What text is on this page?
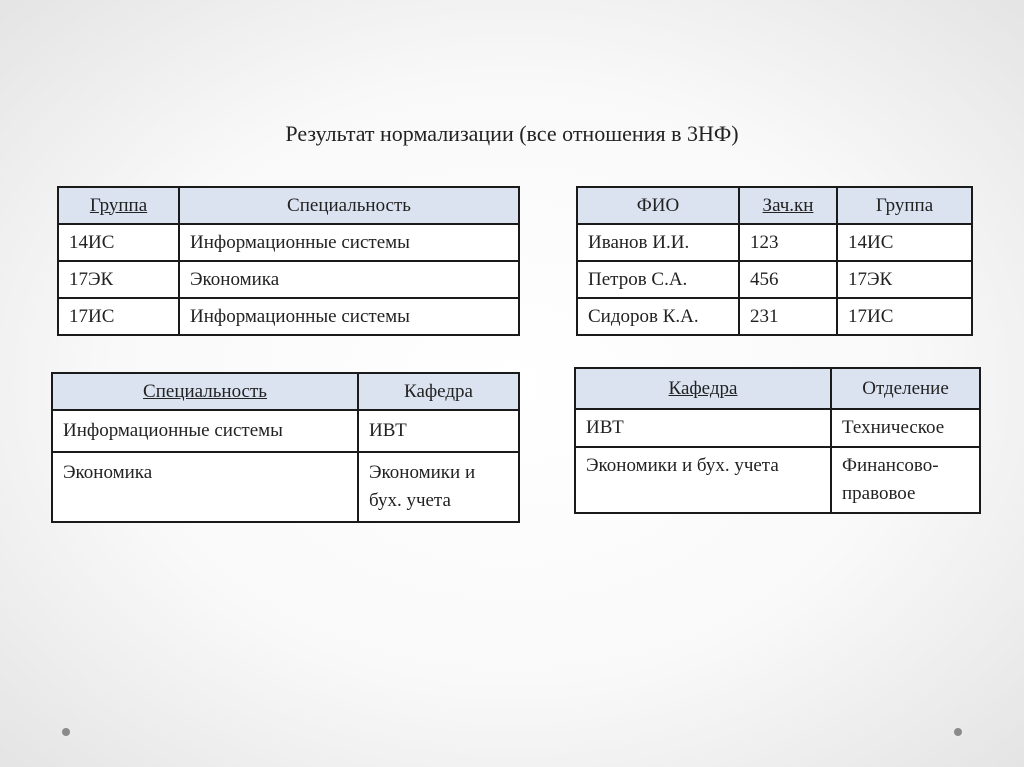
Результат нормализации (все отношения в 3НФ)
Группа	Специальность
14ИС	Информационные системы
17ЭК	Экономика
17ИС	Информационные системы
ФИО	Зач.кн	Группа
Иванов И.И.	123	14ИС
Петров С.А.	456	17ЭК
Сидоров К.А.	231	17ИС
Специальность	Кафедра
Информационные системы	ИВТ
Экономика	Экономики и бух. учета
Кафедра	Отделение
ИВТ	Техническое
Экономики и бух. учета	Финансово-правовое
